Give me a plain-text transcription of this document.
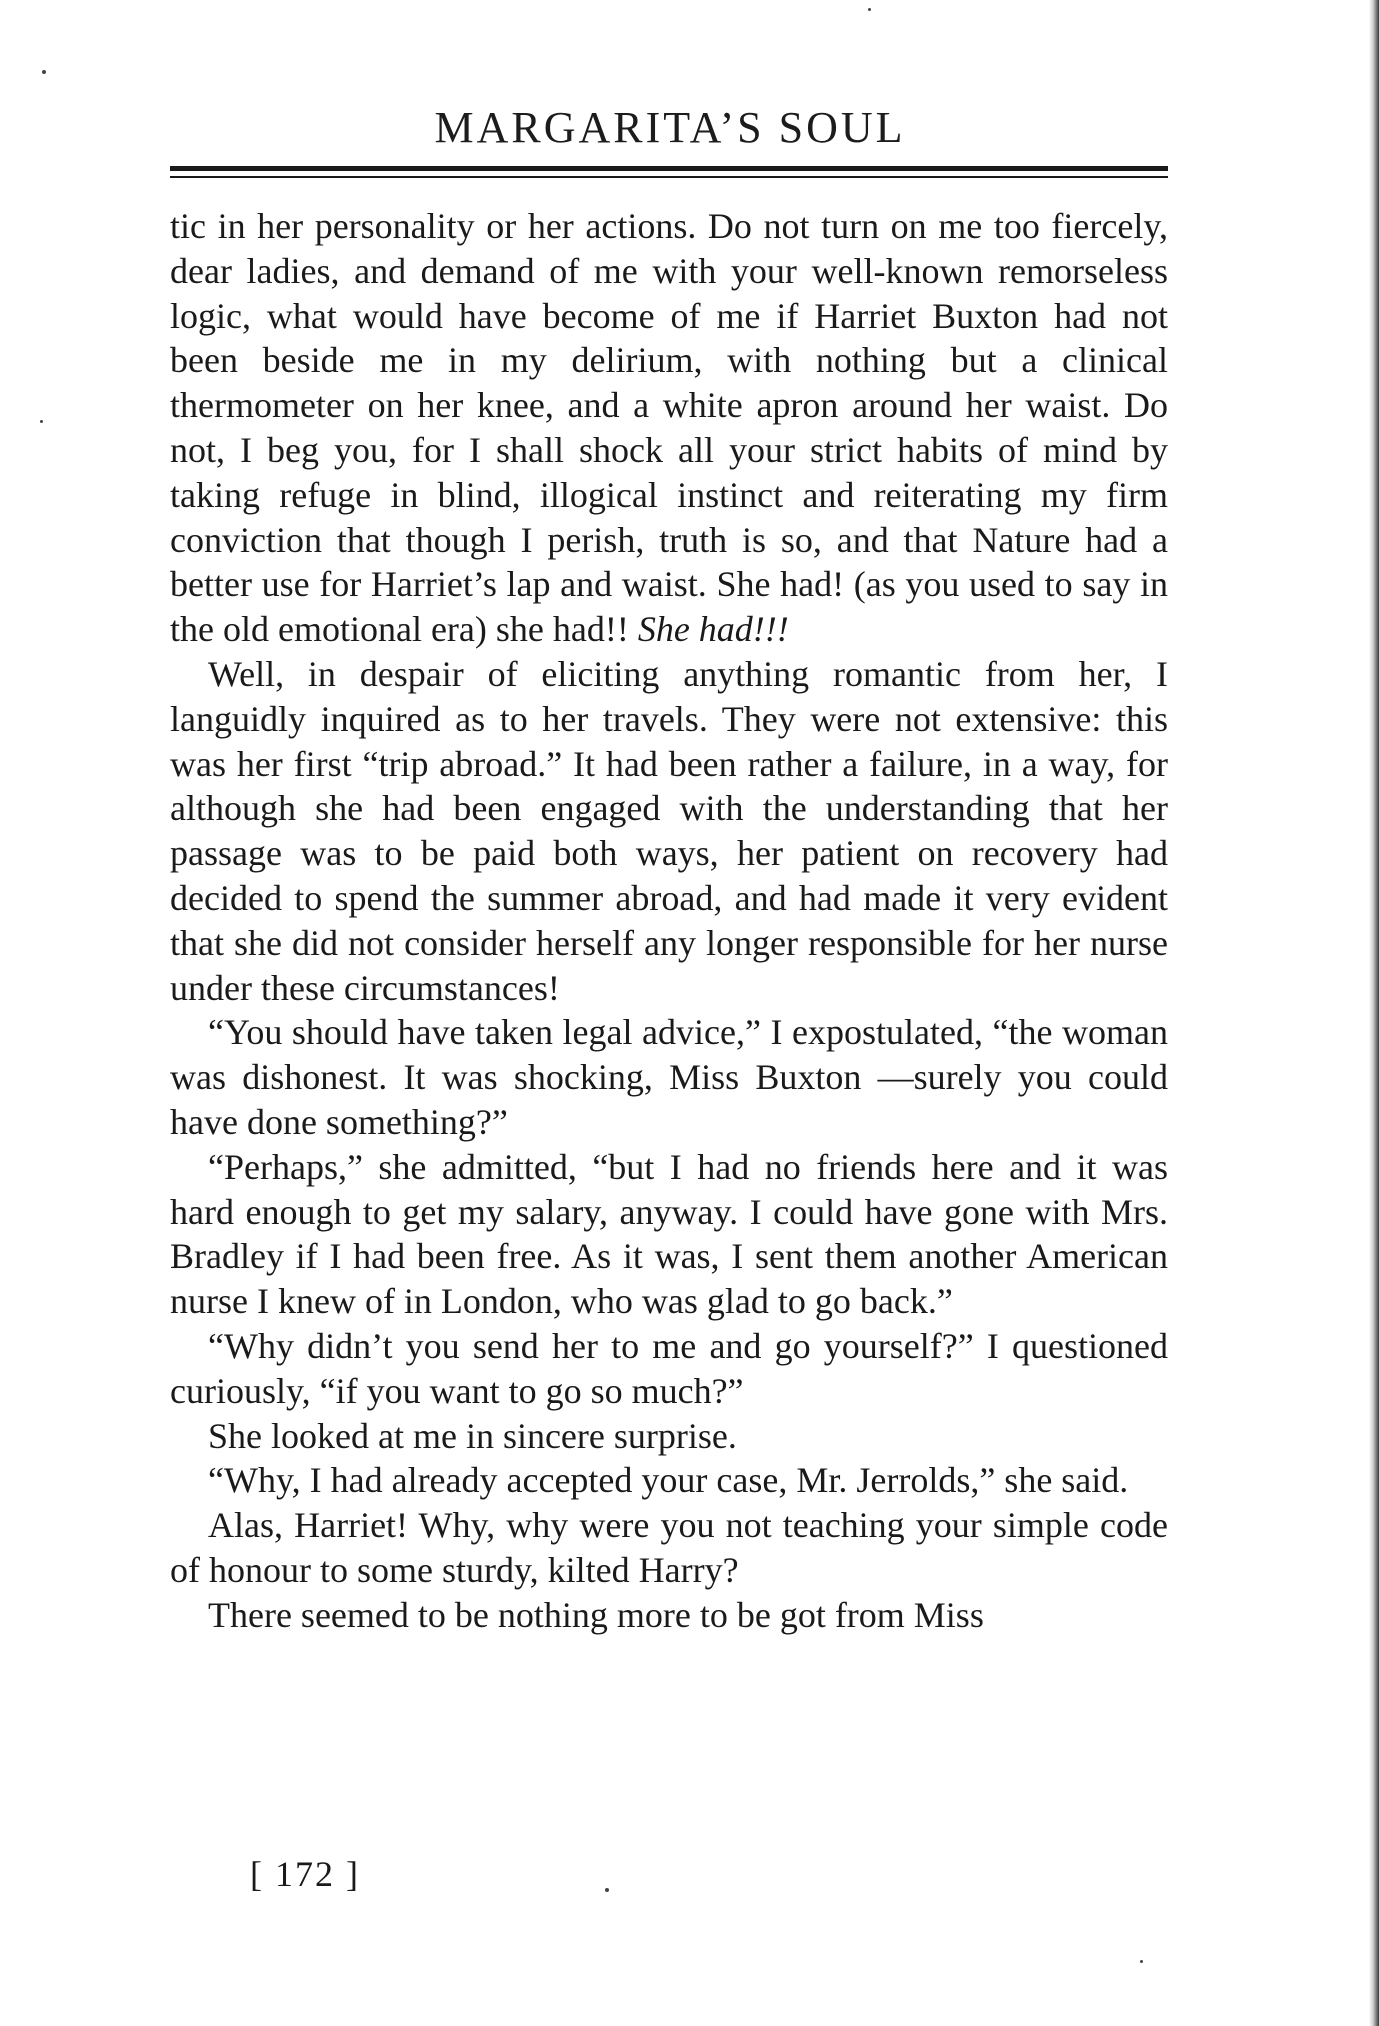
MARGARITA’S SOUL

tic in her personality or her actions. Do not turn on me too fiercely, dear ladies, and demand of me with your well-known remorseless logic, what would have become of me if Harriet Buxton had not been beside me in my delirium, with nothing but a clinical thermometer on her knee, and a white apron around her waist. Do not, I beg you, for I shall shock all your strict habits of mind by taking refuge in blind, illogical instinct and reiterating my firm conviction that though I perish, truth is so, and that Nature had a better use for Harriet’s lap and waist. She had! (as you used to say in the old emotional era) she had!! She had!!!

Well, in despair of eliciting anything romantic from her, I languidly inquired as to her travels. They were not extensive: this was her first “trip abroad.” It had been rather a failure, in a way, for although she had been engaged with the understanding that her passage was to be paid both ways, her patient on recovery had decided to spend the summer abroad, and had made it very evident that she did not consider herself any longer responsible for her nurse under these circumstances!

“You should have taken legal advice,” I expostulated, “the woman was dishonest. It was shocking, Miss Buxton —surely you could have done something?”

“Perhaps,” she admitted, “but I had no friends here and it was hard enough to get my salary, anyway. I could have gone with Mrs. Bradley if I had been free. As it was, I sent them another American nurse I knew of in London, who was glad to go back.”

“Why didn’t you send her to me and go yourself?” I questioned curiously, “if you want to go so much?”

She looked at me in sincere surprise.

“Why, I had already accepted your case, Mr. Jerrolds,” she said.

Alas, Harriet! Why, why were you not teaching your simple code of honour to some sturdy, kilted Harry?

There seemed to be nothing more to be got from Miss

[ 172 ]
